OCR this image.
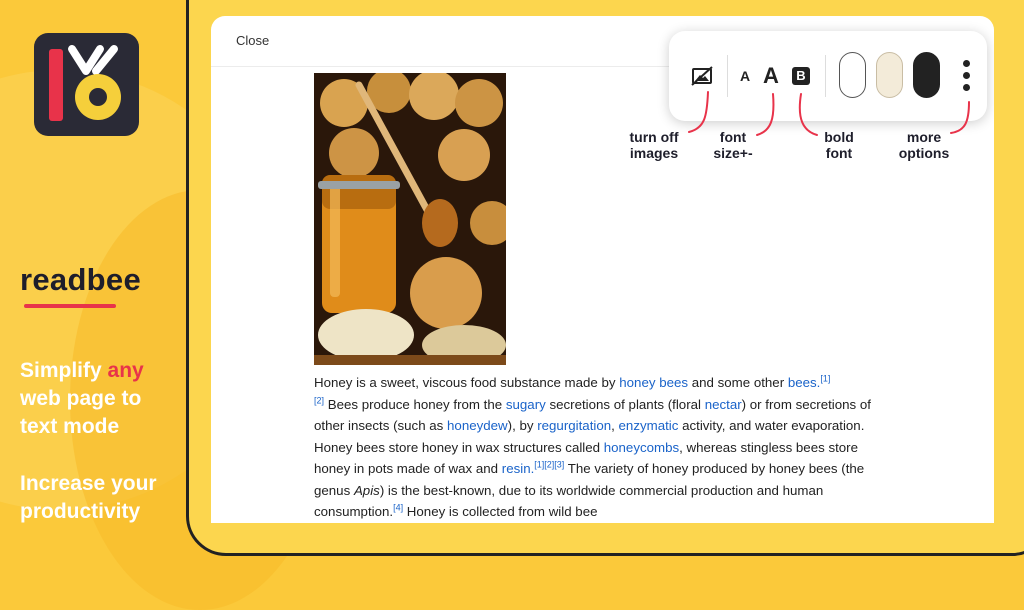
readbee
Simplify any
web page to
text mode
Increase your
productivity
Close
A A	B
turn off
images
font
size+-
bold
font
more
options
Honey is a sweet, viscous food substance made by honey bees and some other bees.[1]
[2] Bees produce honey from the sugary secretions of plants (floral nectar) or from secretions of other insects (such as honeydew), by regurgitation, enzymatic activity, and water evaporation. Honey bees store honey in wax structures called honeycombs, whereas stingless bees store honey in pots made of wax and resin.[1][2][3] The variety of honey produced by honey bees (the genus Apis) is the best-known, due to its worldwide commercial production and human consumption.[4] Honey is collected from wild bee
